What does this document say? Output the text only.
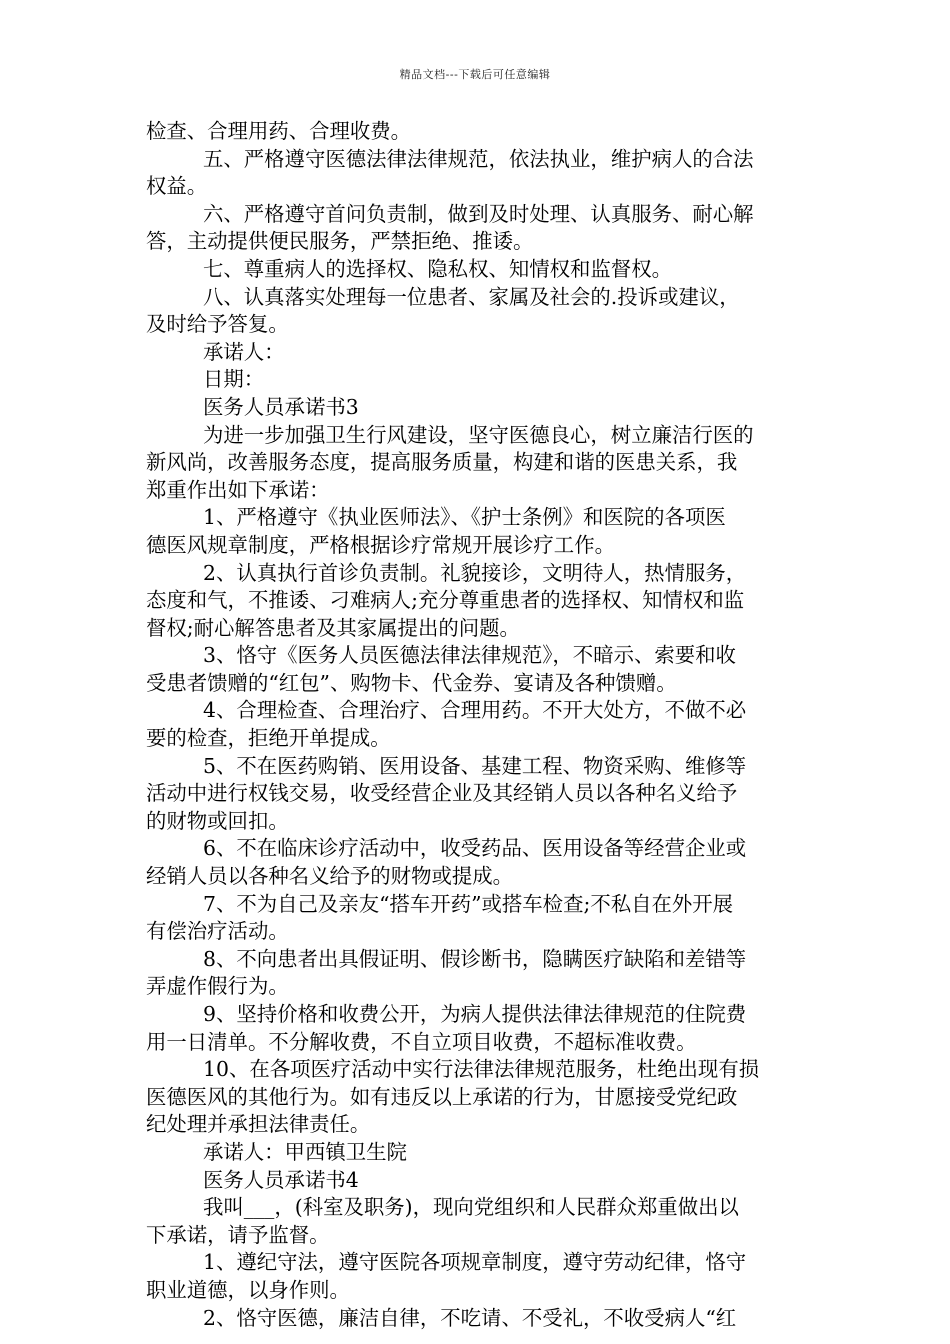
精品文档---下载后可任意编辑

检查、合理用药、合理收费。

五、严格遵守医德法律法律规范，依法执业，维护病人的合法

权益。

六、严格遵守首问负责制，做到及时处理、认真服务、耐心解

答，主动提供便民服务，严禁拒绝、推诿。

七、尊重病人的选择权、隐私权、知情权和监督权。

八、认真落实处理每一位患者、家属及社会的.投诉或建议，

及时给予答复。

承诺人：

日期：

医务人员承诺书3

为进一步加强卫生行风建设，坚守医德良心，树立廉洁行医的

新风尚，改善服务态度，提高服务质量，构建和谐的医患关系，我

郑重作出如下承诺：

1、严格遵守《执业医师法》、《护士条例》和医院的各项医

德医风规章制度，严格根据诊疗常规开展诊疗工作。

2、认真执行首诊负责制。礼貌接诊，文明待人，热情服务，

态度和气，不推诿、刁难病人;充分尊重患者的选择权、知情权和监

督权;耐心解答患者及其家属提出的问题。

3、恪守《医务人员医德法律法律规范》，不暗示、索要和收

受患者馈赠的“红包”、购物卡、代金券、宴请及各种馈赠。

4、合理检查、合理治疗、合理用药。不开大处方，不做不必

要的检查，拒绝开单提成。

5、不在医药购销、医用设备、基建工程、物资采购、维修等

活动中进行权钱交易，收受经营企业及其经销人员以各种名义给予

的财物或回扣。

6、不在临床诊疗活动中，收受药品、医用设备等经营企业或

经销人员以各种名义给予的财物或提成。

7、不为自己及亲友“搭车开药”或搭车检查;不私自在外开展

有偿治疗活动。

8、不向患者出具假证明、假诊断书，隐瞒医疗缺陷和差错等

弄虚作假行为。

9、坚持价格和收费公开，为病人提供法律法律规范的住院费

用一日清单。不分解收费，不自立项目收费，不超标准收费。

10、在各项医疗活动中实行法律法律规范服务，杜绝出现有损

医德医风的其他行为。如有违反以上承诺的行为，甘愿接受党纪政

纪处理并承担法律责任。

承诺人：甲西镇卫生院

医务人员承诺书4

我叫___，(科室及职务)，现向党组织和人民群众郑重做出以

下承诺，请予监督。

1、遵纪守法，遵守医院各项规章制度，遵守劳动纪律，恪守

职业道德，以身作则。

2、恪守医德，廉洁自律，不吃请、不受礼，不收受病人“红
